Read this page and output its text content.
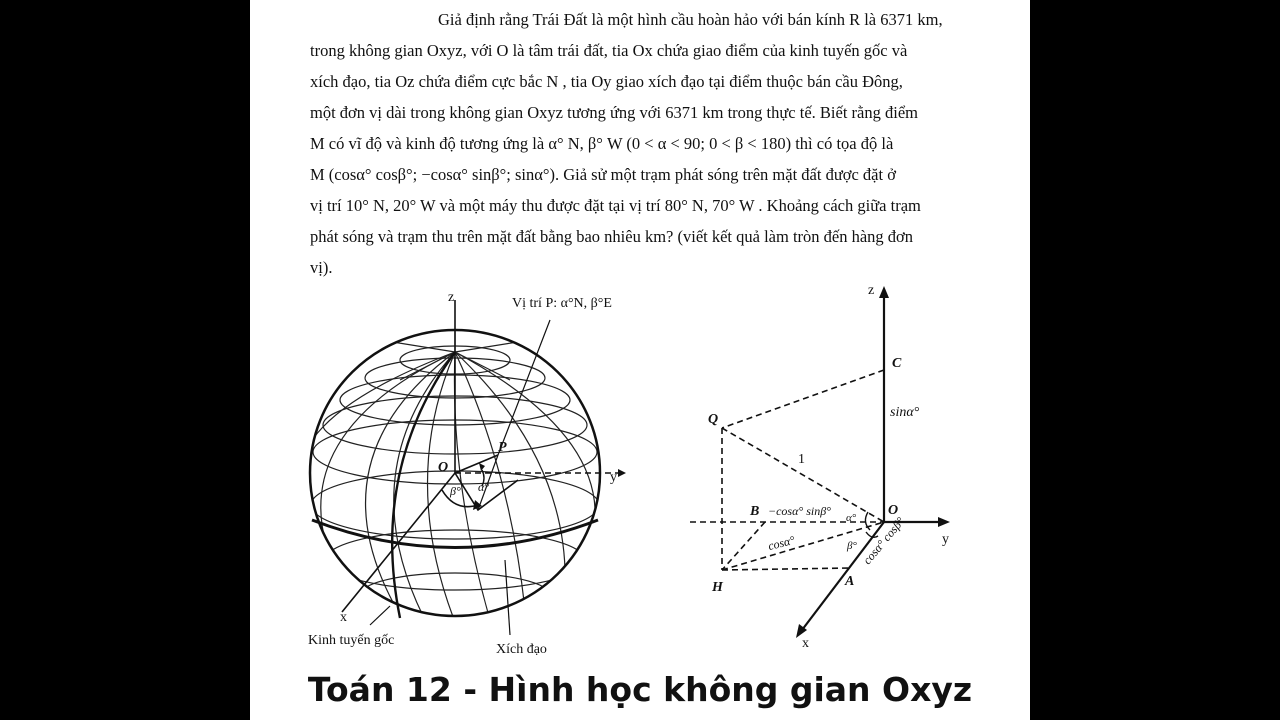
Giả định rằng Trái Đất là một hình cầu hoàn hảo với bán kính R là 6371 km,
trong không gian Oxyz, với O là tâm trái đất, tia Ox chứa giao điểm của kinh tuyến gốc và
xích đạo, tia Oz chứa điểm cực bắc N , tia Oy giao xích đạo tại điểm thuộc bán cầu Đông,
một đơn vị dài trong không gian Oxyz tương ứng với 6371 km trong thực tế. Biết rằng điểm
M có vĩ độ và kinh độ tương ứng là α° N, β° W (0 < α < 90; 0 < β < 180) thì có tọa độ là
M (cosα° cosβ°; −cosα° sinβ°; sinα°). Giả sử một trạm phát sóng trên mặt đất được đặt ở
vị trí 10° N, 20° W và một máy thu được đặt tại vị trí 80° N, 70° W . Khoảng cách giữa trạm
phát sóng và trạm thu trên mặt đất bằng bao nhiêu km? (viết kết quả làm tròn đến hàng đơn
vị).
z
y
x
O
P
α°
β°
Vị trí P: α°N, β°E
Kinh tuyến gốc
Xích đạo
z
y
x
O
C
Q
B
H	A
1
sinα°
−cosα° sinβ°
cosα°	cosα° cosβ°
α°
β°
Toán 12 - Hình học không gian Oxyz
